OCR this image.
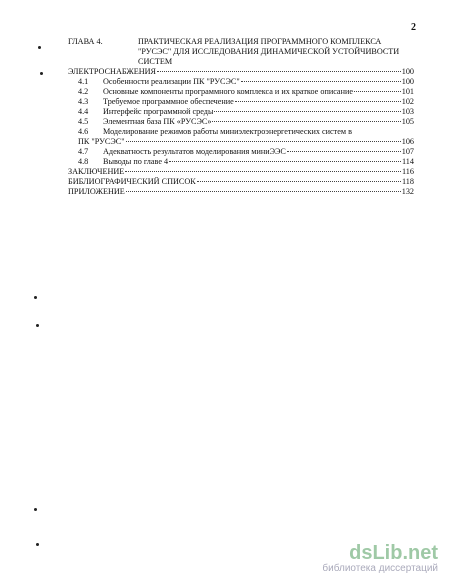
2
ГЛАВА 4.	ПРАКТИЧЕСКАЯ РЕАЛИЗАЦИЯ ПРОГРАММНОГО КОМПЛЕКСА "РУСЭС" ДЛЯ ИССЛЕДОВАНИЯ ДИНАМИЧЕСКОЙ УСТОЙЧИВОСТИ СИСТЕМ
ЭЛЕКТРОСНАБЖЕНИЯ	100
4.1	Особенности реализации ПК "РУСЭС"	100
4.2	Основные компоненты программного комплекса и их краткое описание	101
4.3	Требуемое программное обеспечение	102
4.4	Интерфейс программной среды	103
4.5	Элементная база ПК «РУСЭС»	105
4.6	Моделирование режимов работы миниэлектроэнергетических систем в
ПК "РУСЭС"	106
4.7	Адекватность результатов моделирования миниЭЭС	107
4.8	Выводы по главе 4	114
ЗАКЛЮЧЕНИЕ	116
БИБЛИОГРАФИЧЕСКИЙ СПИСОК	118
ПРИЛОЖЕНИЕ	132
dsLib.net
библиотека диссертаций
